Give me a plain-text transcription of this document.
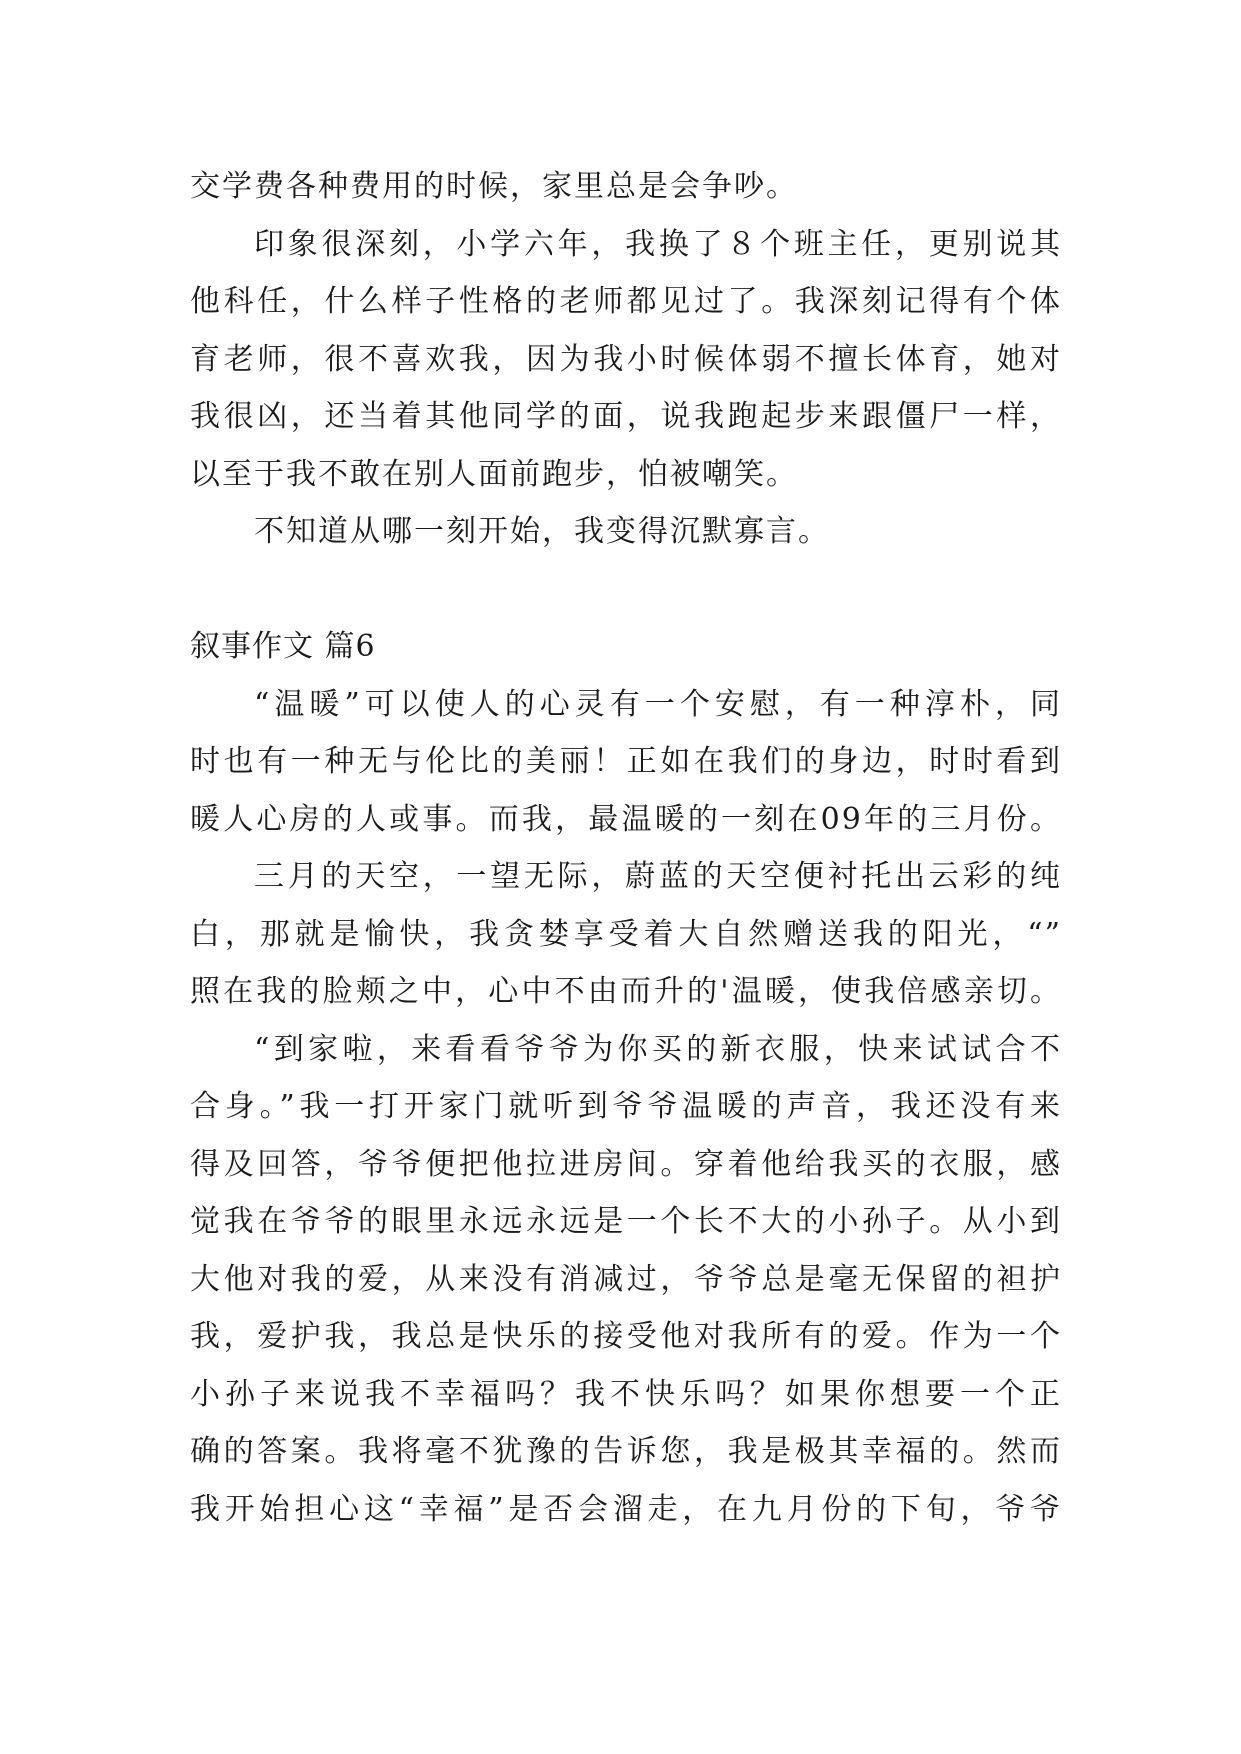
交学费各种费用的时候，家里总是会争吵。
印象很深刻，小学六年，我换了８个班主任，更别说其
他科任，什么样子性格的老师都见过了。我深刻记得有个体
育老师，很不喜欢我，因为我小时候体弱不擅长体育，她对
我很凶，还当着其他同学的面，说我跑起步来跟僵尸一样，
以至于我不敢在别人面前跑步，怕被嘲笑。
不知道从哪一刻开始，我变得沉默寡言。
叙事作文 篇6
“温暖”可以使人的心灵有一个安慰，有一种淳朴，同
时也有一种无与伦比的美丽！正如在我们的身边，时时看到
暖人心房的人或事。而我，最温暖的一刻在09年的三月份。
三月的天空，一望无际，蔚蓝的天空便衬托出云彩的纯
白，那就是愉快，我贪婪享受着大自然赠送我的阳光，“”
照在我的脸颊之中，心中不由而升的'温暖，使我倍感亲切。
“到家啦，来看看爷爷为你买的新衣服，快来试试合不
合身。”我一打开家门就听到爷爷温暖的声音，我还没有来
得及回答，爷爷便把他拉进房间。穿着他给我买的衣服，感
觉我在爷爷的眼里永远永远是一个长不大的小孙子。从小到
大他对我的爱，从来没有消减过，爷爷总是毫无保留的袒护
我，爱护我，我总是快乐的接受他对我所有的爱。作为一个
小孙子来说我不幸福吗？我不快乐吗？如果你想要一个正
确的答案。我将毫不犹豫的告诉您，我是极其幸福的。然而
我开始担心这“幸福”是否会溜走，在九月份的下旬，爷爷
